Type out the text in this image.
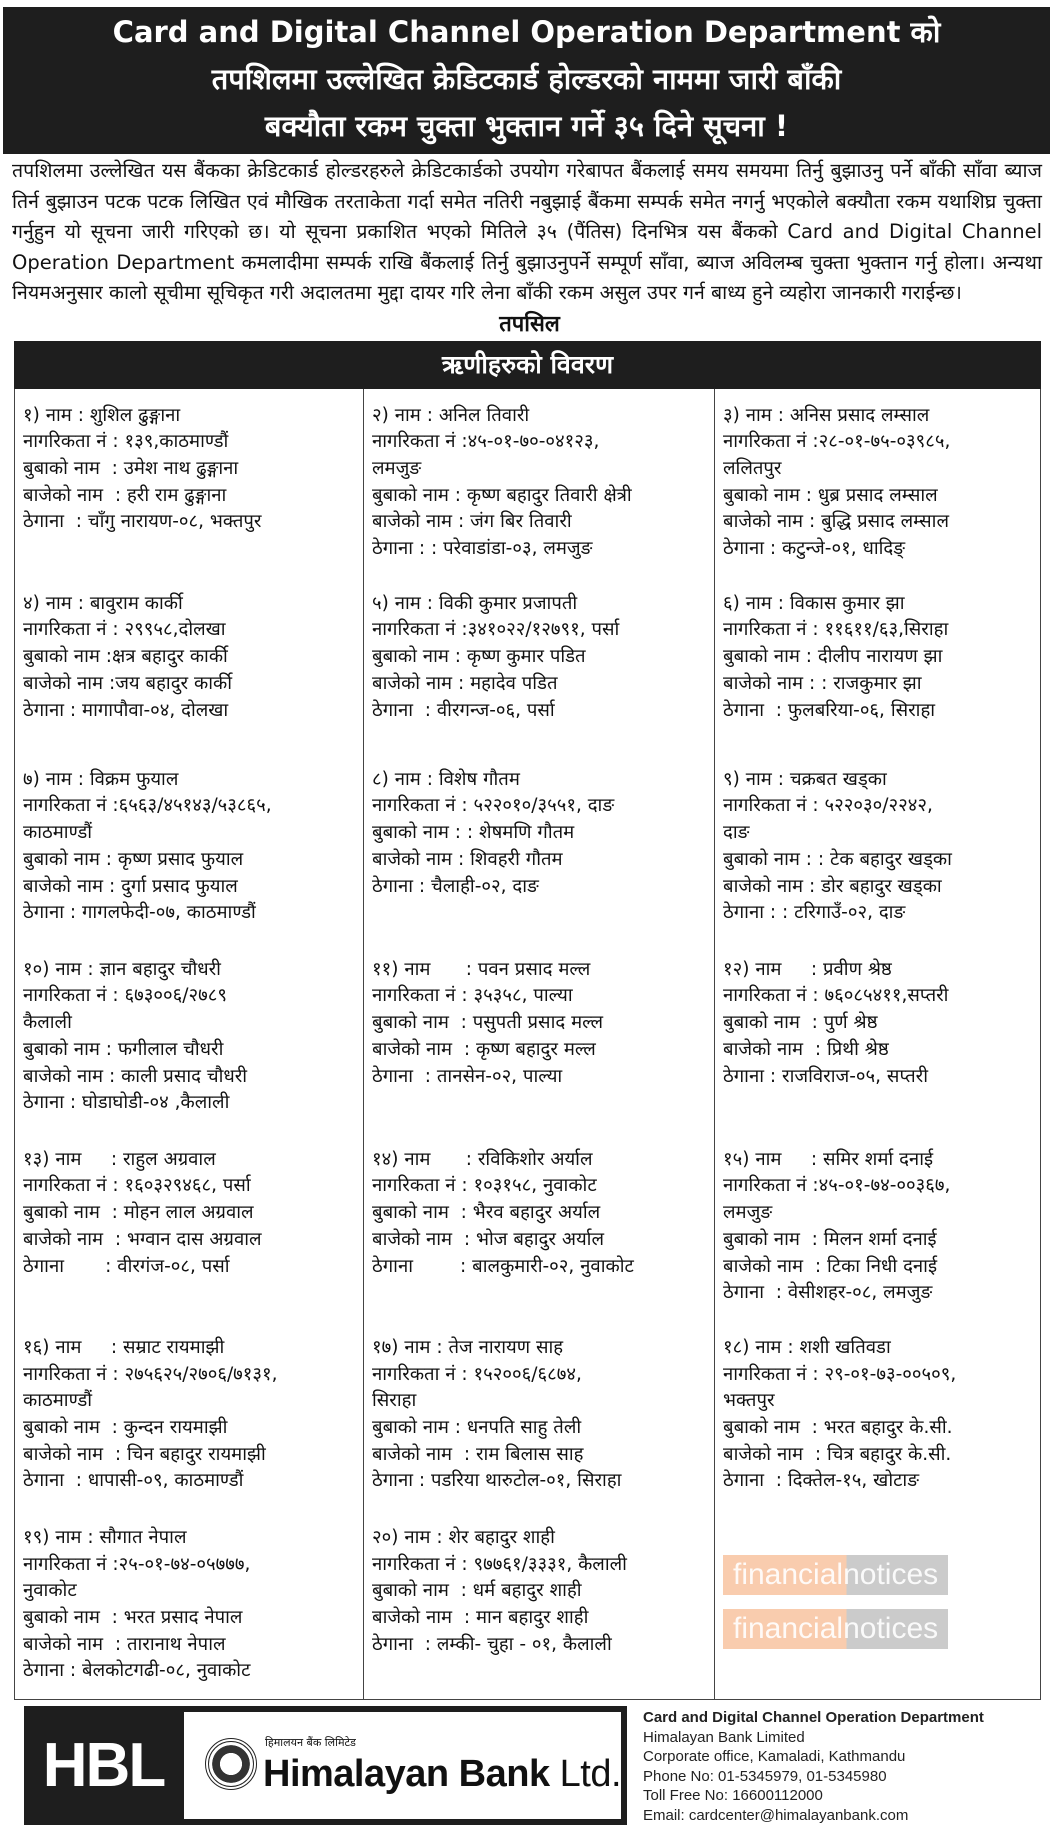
Card and Digital Channel Operation Department को
तपशिलमा उल्लेखित क्रेडिटकार्ड होल्डरको नाममा जारी बाँकी
बक्यौता रकम चुक्ता भुक्तान गर्ने ३५ दिने सूचना !
तपशिलमा उल्लेखित यस बैंकका क्रेडिटकार्ड होल्डरहरुले क्रेडिटकार्डको उपयोग गरेबापत बैंकलाई समय समयमा तिर्नु बुझाउनु पर्ने बाँकी साँवा ब्याज तिर्न बुझाउन पटक पटक लिखित एवं मौखिक तरताकेता गर्दा समेत नतिरी नबुझाई बैंकमा सम्पर्क समेत नगर्नु भएकोले बक्यौता रकम यथाशिघ्र चुक्ता गर्नुहुन यो सूचना जारी गरिएको छ। यो सूचना प्रकाशित भएको मितिले ३५ (पैंतिस) दिनभित्र यस बैंकको Card and Digital Channel Operation Department कमलादीमा सम्पर्क राखि बैंकलाई तिर्नु बुझाउनुपर्ने सम्पूर्ण साँवा, ब्याज अविलम्ब चुक्ता भुक्तान गर्नु होला। अन्यथा नियमअनुसार कालो सूचीमा सूचिकृत गरी अदालतमा मुद्दा दायर गरि लेना बाँकी रकम असुल उपर गर्न बाध्य हुने व्यहोरा जानकारी गराईन्छ।
तपसिल
ऋणीहरुको विवरण
१) नाम : शुशिल ढुङ्गाना
नागरिकता नं : १३९,काठमाण्डौं
बुबाको नाम  : उमेश नाथ ढुङ्गाना
बाजेको नाम  : हरी राम ढुङ्गाना
ठेगाना  : चाँगु नारायण-०८, भक्तपुर
२) नाम : अनिल तिवारी
नागरिकता नं :४५-०१-७०-०४१२३,
लमजुङ
बुबाको नाम : कृष्ण बहादुर तिवारी क्षेत्री
बाजेको नाम : जंग बिर तिवारी
ठेगाना : : परेवाडांडा-०३, लमजुङ
३) नाम : अनिस प्रसाद लम्साल
नागरिकता नं :२८-०१-७५-०३९८५,
ललितपुर
बुबाको नाम : धुब्र प्रसाद लम्साल
बाजेको नाम : बुद्धि प्रसाद लम्साल
ठेगाना : कटुन्जे-०१, धादिङ्
४) नाम : बावुराम कार्की
नागरिकता नं : २९९५८,दोलखा
बुबाको नाम :क्षत्र बहादुर कार्की
बाजेको नाम :जय बहादुर कार्की
ठेगाना : मागापौवा-०४, दोलखा
५) नाम : विकी कुमार प्रजापती
नागरिकता नं :३४१०२२/१२७९१, पर्सा
बुबाको नाम : कृष्ण कुमार पडित
बाजेको नाम : महादेव पडित
ठेगाना  : वीरगन्ज-०६, पर्सा
६) नाम : विकास कुमार झा
नागरिकता नं : ११६११/६३,सिराहा
बुबाको नाम : दीलीप नारायण झा
बाजेको नाम : : राजकुमार झा
ठेगाना  : फुलबरिया-०६, सिराहा
७) नाम : विक्रम फुयाल
नागरिकता नं :६५६३/४५१४३/५३८६५,
काठमाण्डौं
बुबाको नाम : कृष्ण प्रसाद फुयाल
बाजेको नाम : दुर्गा प्रसाद फुयाल
ठेगाना : गागलफेदी-०७, काठमाण्डौं
८) नाम : विशेष गौतम
नागरिकता नं : ५२२०१०/३५५१, दाङ
बुबाको नाम : : शेषमणि गौतम
बाजेको नाम : शिवहरी गौतम
ठेगाना : चैलाही-०२, दाङ
९) नाम : चक्रबत खड्का
नागरिकता नं : ५२२०३०/२२४२,
दाङ
बुबाको नाम : : टेक बहादुर खड्का
बाजेको नाम : डोर बहादुर खड्का
ठेगाना : : टरिगाउँ-०२, दाङ
१०) नाम : ज्ञान बहादुर चौधरी
नागरिकता नं : ६७३००६/२७८९
कैलाली
बुबाको नाम : फगीलाल चौधरी
बाजेको नाम : काली प्रसाद चौधरी
ठेगाना : घोडाघोडी-०४ ,कैलाली
११) नाम      : पवन प्रसाद मल्ल
नागरिकता नं : ३५३५८, पाल्या
बुबाको नाम  : पसुपती प्रसाद मल्ल
बाजेको नाम  : कृष्ण बहादुर मल्ल
ठेगाना  : तानसेन-०२, पाल्या
१२) नाम     : प्रवीण श्रेष्ठ
नागरिकता नं : ७६०८५४११,सप्तरी
बुबाको नाम  : पुर्ण श्रेष्ठ
बाजेको नाम  : प्रिथी श्रेष्ठ
ठेगाना : राजविराज-०५, सप्तरी
१३) नाम     : राहुल अग्रवाल
नागरिकता नं : १६०३२९४६८, पर्सा
बुबाको नाम  : मोहन लाल अग्रवाल
बाजेको नाम  : भग्वान दास अग्रवाल
ठेगाना       : वीरगंज-०८, पर्सा
१४) नाम      : रविकिशोर अर्याल
नागरिकता नं : १०३१५८, नुवाकोट
बुबाको नाम  : भैरव बहादुर अर्याल
बाजेको नाम  : भोज बहादुर अर्याल
ठेगाना        : बालकुमारी-०२, नुवाकोट
१५) नाम     : समिर शर्मा दनाई
नागरिकता नं :४५-०१-७४-००३६७,
लमजुङ
बुबाको नाम  : मिलन शर्मा दनाई
बाजेको नाम  : टिका निधी दनाई
ठेगाना  : वेसीशहर-०८, लमजुङ
१६) नाम     : सम्राट रायमाझी
नागरिकता नं : २७५६२५/२७०६/७१३१,
काठमाण्डौं
बुबाको नाम  : कुन्दन रायमाझी
बाजेको नाम  : चिन बहादुर रायमाझी
ठेगाना  : धापासी-०९, काठमाण्डौं
१७) नाम : तेज नारायण साह
नागरिकता नं : १५२००६/६८७४,
सिराहा
बुबाको नाम : धनपति साहु तेली
बाजेको नाम  : राम बिलास साह
ठेगाना : पडरिया थारुटोल-०१, सिराहा
१८) नाम : शशी खतिवडा
नागरिकता नं : २९-०१-७३-००५०९,
भक्तपुर
बुबाको नाम  : भरत बहादुर के.सी.
बाजेको नाम  : चित्र बहादुर के.सी.
ठेगाना  : दिक्तेल-१५, खोटाङ
१९) नाम : सौगात नेपाल
नागरिकता नं :२५-०१-७४-०५७७७,
नुवाकोट
बुबाको नाम  : भरत प्रसाद नेपाल
बाजेको नाम  : तारानाथ नेपाल
ठेगाना : बेलकोटगढी-०८, नुवाकोट
२०) नाम : शेर बहादुर शाही
नागरिकता नं : ९७७६१/३३३१, कैलाली
बुबाको नाम  : धर्म बहादुर शाही
बाजेको नाम  : मान बहादुर शाही
ठेगाना  : लम्की- चुहा - ०१, कैलाली
financialnotices
financialnotices
HBL	हिमालयन बैंक लिमिटेड
Himalayan Bank Ltd.
Card and Digital Channel Operation Department
Himalayan Bank Limited
Corporate office, Kamaladi, Kathmandu
Phone No: 01-5345979, 01-5345980
Toll Free No: 16600112000
Email: cardcenter@himalayanbank.com
